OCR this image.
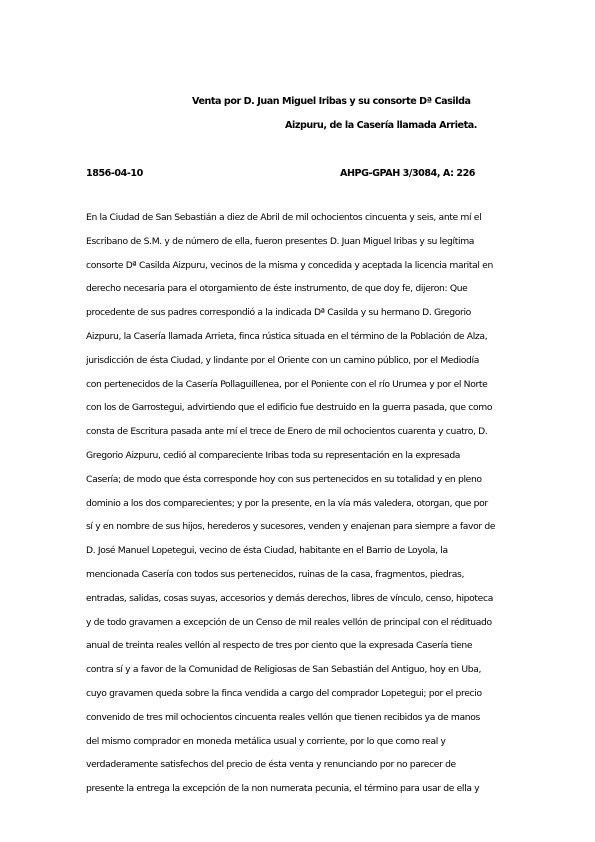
Venta por D. Juan Miguel Iribas y su consorte Dª Casilda
Aizpuru, de la Casería llamada Arrieta.
1856-04-10	AHPG-GPAH 3/3084, A: 226
En la Ciudad de San Sebastián a diez de Abril de mil ochocientos cincuenta y seis, ante mí el
Escribano de S.M. y de número de ella, fueron presentes D. Juan Miguel Iribas y su legítima
consorte Dª Casilda Aizpuru, vecinos de la misma y concedida y aceptada la licencia marital en
derecho necesaria para el otorgamiento de éste instrumento, de que doy fe, dijeron: Que
procedente de sus padres correspondió a la indicada Dª Casilda y su hermano D. Gregorio
Aizpuru, la Casería llamada Arrieta, finca rústica situada en el término de la Población de Alza,
jurisdicción de ésta Ciudad, y lindante por el Oriente con un camino público, por el Mediodía
con pertenecidos de la Casería Pollaguillenea, por el Poniente con el río Urumea y por el Norte
con los de Garrostegui, advirtiendo que el edificio fue destruido en la guerra pasada, que como
consta de Escritura pasada ante mí el trece de Enero de mil ochocientos cuarenta y cuatro, D.
Gregorio Aizpuru, cedió al compareciente Iribas toda su representación en la expresada
Casería; de modo que ésta corresponde hoy con sus pertenecidos en su totalidad y en pleno
dominio a los dos comparecientes; y por la presente, en la vía más valedera, otorgan, que por
sí y en nombre de sus hijos, herederos y sucesores, venden y enajenan para siempre a favor de
D. José Manuel Lopetegui, vecino de ésta Ciudad, habitante en el Barrio de Loyola, la
mencionada Casería con todos sus pertenecidos, ruinas de la casa, fragmentos, piedras,
entradas, salidas, cosas suyas, accesorios y demás derechos, libres de vínculo, censo, hipoteca
y de todo gravamen a excepción de un Censo de mil reales vellón de principal con el rédituado
anual de treinta reales vellón al respecto de tres por ciento que la expresada Casería tiene
contra sí y a favor de la Comunidad de Religiosas de San Sebastián del Antiguo, hoy en Uba,
cuyo gravamen queda sobre la finca vendida a cargo del comprador Lopetegui; por el precio
convenido de tres mil ochocientos cincuenta reales vellón que tienen recibidos ya de manos
del mismo comprador en moneda metálica usual y corriente, por lo que como real y
verdaderamente satisfechos del precio de ésta venta y renunciando por no parecer de
presente la entrega la excepción de la non numerata pecunia, el término para usar de ella y
